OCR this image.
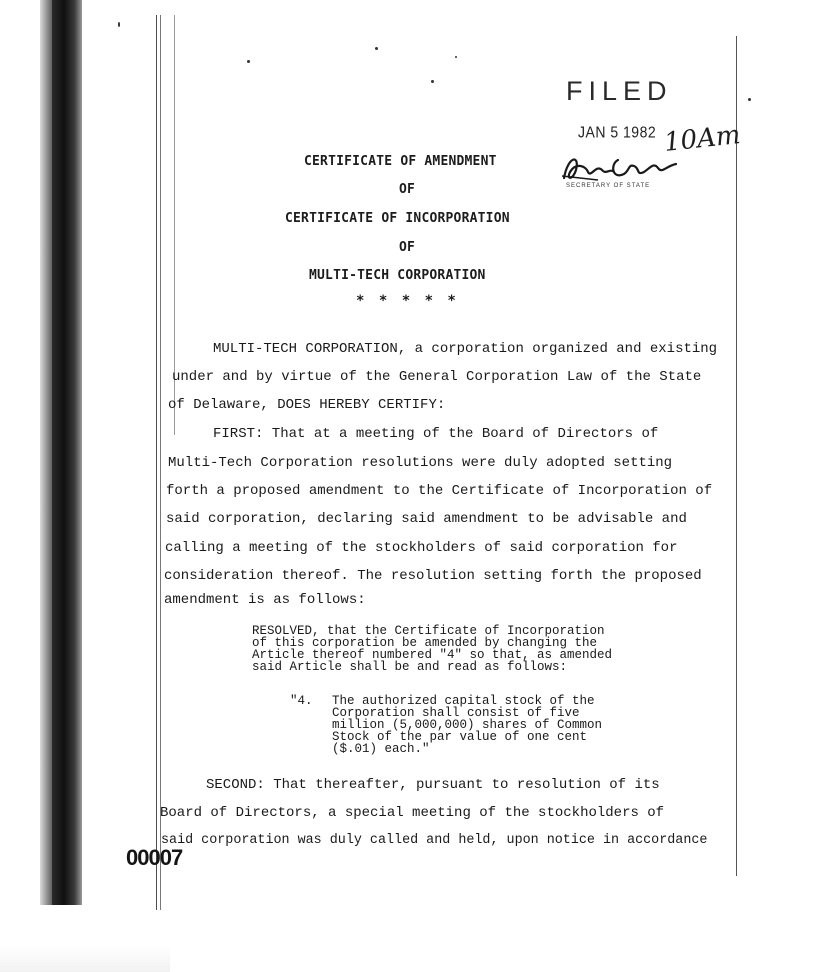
FILED
JAN 5 1982 10Am
SECRETARY OF STATE
CERTIFICATE OF AMENDMENT
OF
CERTIFICATE OF INCORPORATION
OF
MULTI-TECH CORPORATION
* * * * *
MULTI-TECH CORPORATION, a corporation organized and existing
under and by virtue of the General Corporation Law of the State
of Delaware, DOES HEREBY CERTIFY:
FIRST: That at a meeting of the Board of Directors of
Multi-Tech Corporation resolutions were duly adopted setting
forth a proposed amendment to the Certificate of Incorporation of
said corporation, declaring said amendment to be advisable and
calling a meeting of the stockholders of said corporation for
consideration thereof. The resolution setting forth the proposed
amendment is as follows:
RESOLVED, that the Certificate of Incorporation
of this corporation be amended by changing the
Article thereof numbered "4" so that, as amended
said Article shall be and read as follows:
"4. The authorized capital stock of the
Corporation shall consist of five
million (5,000,000) shares of Common
Stock of the par value of one cent
($.01) each."
SECOND: That thereafter, pursuant to resolution of its
Board of Directors, a special meeting of the stockholders of
said corporation was duly called and held, upon notice in accordance
00007
